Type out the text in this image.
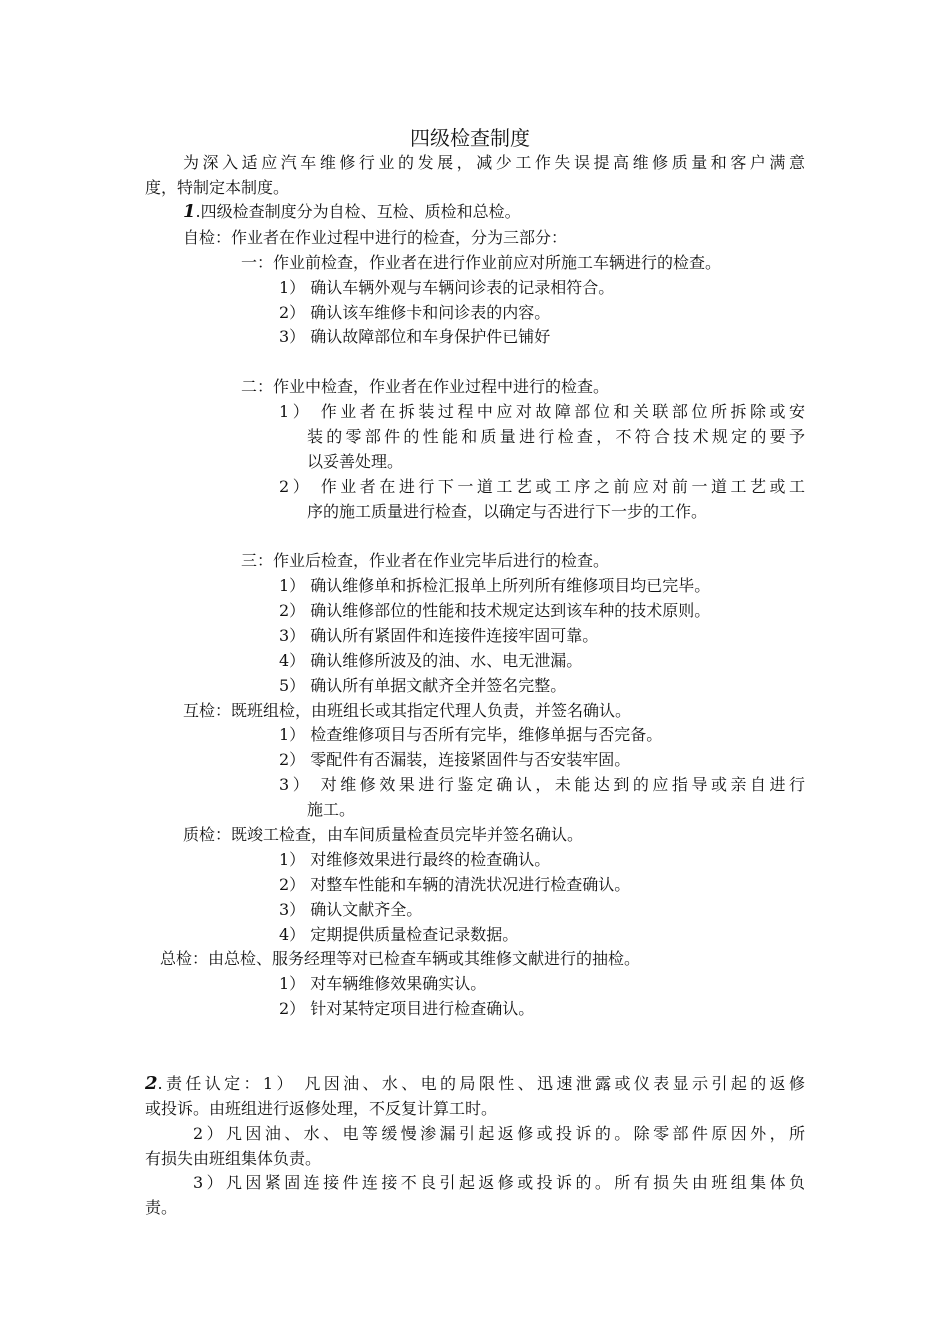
四级检查制度
为深入适应汽车维修行业的发展，减少工作失误提高维修质量和客户满意
度，特制定本制度。
1.四级检查制度分为自检、互检、质检和总检。
自检：作业者在作业过程中进行的检查，分为三部分：
一：作业前检查，作业者在进行作业前应对所施工车辆进行的检查。
1） 确认车辆外观与车辆问诊表的记录相符合。
2） 确认该车维修卡和问诊表的内容。
3） 确认故障部位和车身保护件已铺好
二：作业中检查，作业者在作业过程中进行的检查。
1） 作业者在拆装过程中应对故障部位和关联部位所拆除或安
装的零部件的性能和质量进行检查，不符合技术规定的要予
以妥善处理。
2） 作业者在进行下一道工艺或工序之前应对前一道工艺或工
序的施工质量进行检查，以确定与否进行下一步的工作。
三：作业后检查，作业者在作业完毕后进行的检查。
1） 确认维修单和拆检汇报单上所列所有维修项目均已完毕。
2） 确认维修部位的性能和技术规定达到该车种的技术原则。
3） 确认所有紧固件和连接件连接牢固可靠。
4） 确认维修所波及的油、水、电无泄漏。
5） 确认所有单据文献齐全并签名完整。
互检：既班组检，由班组长或其指定代理人负责，并签名确认。
1） 检查维修项目与否所有完毕，维修单据与否完备。
2） 零配件有否漏装，连接紧固件与否安装牢固。
3） 对维修效果进行鉴定确认，未能达到的应指导或亲自进行
施工。
质检：既竣工检查，由车间质量检查员完毕并签名确认。
1） 对维修效果进行最终的检查确认。
2） 对整车性能和车辆的清洗状况进行检查确认。
3） 确认文献齐全。
4） 定期提供质量检查记录数据。
总检：由总检、服务经理等对已检查车辆或其维修文献进行的抽检。
1） 对车辆维修效果确实认。
2） 针对某特定项目进行检查确认。
2.责任认定：1） 凡因油、水、电的局限性、迅速泄露或仪表显示引起的返修
或投诉。由班组进行返修处理，不反复计算工时。
2）凡因油、水、电等缓慢渗漏引起返修或投诉的。除零部件原因外，所
有损失由班组集体负责。
3）凡因紧固连接件连接不良引起返修或投诉的。所有损失由班组集体负
责。
